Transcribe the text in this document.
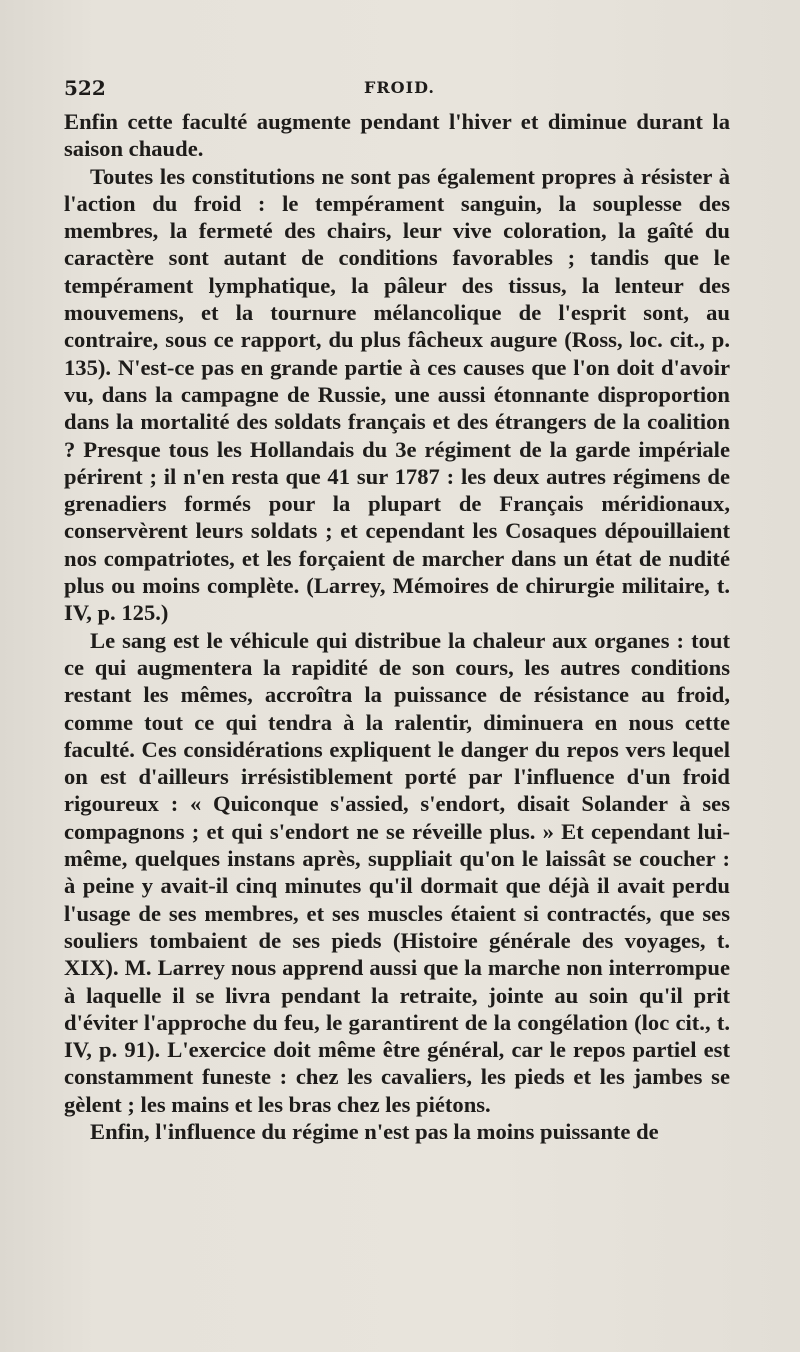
522	FROID.

Enfin cette faculté augmente pendant l'hiver et diminue durant la saison chaude.

Toutes les constitutions ne sont pas également propres à résister à l'action du froid : le tempérament sanguin, la souplesse des membres, la fermeté des chairs, leur vive coloration, la gaîté du caractère sont autant de conditions favorables ; tandis que le tempérament lymphatique, la pâleur des tissus, la lenteur des mouvemens, et la tournure mélancolique de l'esprit sont, au contraire, sous ce rapport, du plus fâcheux augure (Ross, loc. cit., p. 135). N'est-ce pas en grande partie à ces causes que l'on doit d'avoir vu, dans la campagne de Russie, une aussi étonnante disproportion dans la mortalité des soldats français et des étrangers de la coalition ? Presque tous les Hollandais du 3e régiment de la garde impériale périrent ; il n'en resta que 41 sur 1787 : les deux autres régimens de grenadiers formés pour la plupart de Français méridionaux, conservèrent leurs soldats ; et cependant les Cosaques dépouillaient nos compatriotes, et les forçaient de marcher dans un état de nudité plus ou moins complète. (Larrey, Mémoires de chirurgie militaire, t. IV, p. 125.)

Le sang est le véhicule qui distribue la chaleur aux organes : tout ce qui augmentera la rapidité de son cours, les autres conditions restant les mêmes, accroîtra la puissance de résistance au froid, comme tout ce qui tendra à la ralentir, diminuera en nous cette faculté. Ces considérations expliquent le danger du repos vers lequel on est d'ailleurs irrésistiblement porté par l'influence d'un froid rigoureux : « Quiconque s'assied, s'endort, disait Solander à ses compagnons ; et qui s'endort ne se réveille plus. » Et cependant lui-même, quelques instans après, suppliait qu'on le laissât se coucher : à peine y avait-il cinq minutes qu'il dormait que déjà il avait perdu l'usage de ses membres, et ses muscles étaient si contractés, que ses souliers tombaient de ses pieds (Histoire générale des voyages, t. XIX). M. Larrey nous apprend aussi que la marche non interrompue à laquelle il se livra pendant la retraite, jointe au soin qu'il prit d'éviter l'approche du feu, le garantirent de la congélation (loc cit., t. IV, p. 91). L'exercice doit même être général, car le repos partiel est constamment funeste : chez les cavaliers, les pieds et les jambes se gèlent ; les mains et les bras chez les piétons.

Enfin, l'influence du régime n'est pas la moins puissante de
